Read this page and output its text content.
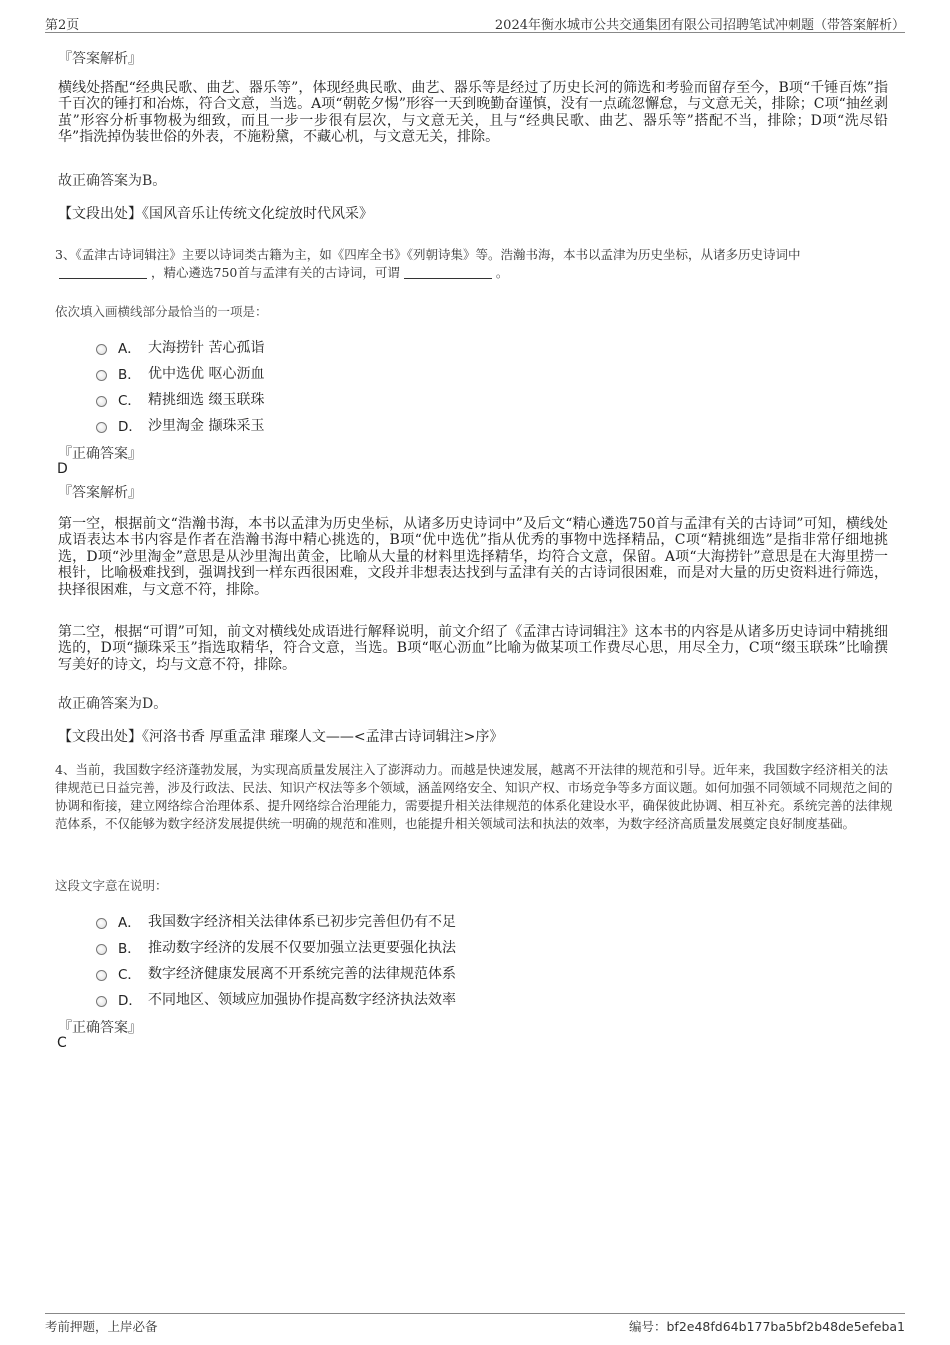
第2页	2024年衡水城市公共交通集团有限公司招聘笔试冲刺题（带答案解析）
『答案解析』

横线处搭配“经典民歌、曲艺、器乐等”，体现经典民歌、曲艺、器乐等是经过了历史长河的筛选和考验而留存至今，B项“千锤百炼”指千百次的锤打和冶炼，符合文意，当选。A项“朝乾夕惕”形容一天到晚勤奋谨慎，没有一点疏忽懈怠，与文意无关，排除；C项“抽丝剥茧”形容分析事物极为细致，而且一步一步很有层次，与文意无关，且与“经典民歌、曲艺、器乐等”搭配不当，排除；D项“洗尽铅华”指洗掉伪装世俗的外表，不施粉黛，不藏心机，与文意无关，排除。

故正确答案为B。
【文段出处】《国风音乐让传统文化绽放时代风采》

3、《孟津古诗词辑注》主要以诗词类古籍为主，如《四库全书》《列朝诗集》等。浩瀚书海，本书以孟津为历史坐标，从诸多历史诗词中，精心遴选750首与孟津有关的古诗词，可谓	。

依次填入画横线部分最恰当的一项是：
A． 大海捞针 苦心孤诣
B． 优中选优 呕心沥血
C． 精挑细选 缀玉联珠
D． 沙里淘金 撷珠采玉
『正确答案』
D
『答案解析』

第一空，根据前文“浩瀚书海，本书以孟津为历史坐标，从诸多历史诗词中”及后文“精心遴选750首与孟津有关的古诗词”可知，横线处成语表达本书内容是作者在浩瀚书海中精心挑选的，B项“优中选优”指从优秀的事物中选择精品，C项“精挑细选”是指非常仔细地挑选，D项“沙里淘金”意思是从沙里淘出黄金，比喻从大量的材料里选择精华，均符合文意，保留。A项“大海捞针”意思是在大海里捞一根针，比喻极难找到，强调找到一样东西很困难，文段并非想表达找到与孟津有关的古诗词很困难，而是对大量的历史资料进行筛选，抉择很困难，与文意不符，排除。

第二空，根据“可谓”可知，前文对横线处成语进行解释说明，前文介绍了《孟津古诗词辑注》这本书的内容是从诸多历史诗词中精挑细选的，D项“撷珠采玉”指选取精华，符合文意，当选。B项“呕心沥血”比喻为做某项工作费尽心思，用尽全力，C项“缀玉联珠”比喻撰写美好的诗文，均与文意不符，排除。

故正确答案为D。
【文段出处】《河洛书香 厚重孟津 璀璨人文——<孟津古诗词辑注>序》

4、当前，我国数字经济蓬勃发展，为实现高质量发展注入了澎湃动力。而越是快速发展，越离不开法律的规范和引导。近年来，我国数字经济相关的法律规范已日益完善，涉及行政法、民法、知识产权法等多个领域，涵盖网络安全、知识产权、市场竞争等多方面议题。如何加强不同领域不同规范之间的协调和衔接，建立网络综合治理体系、提升网络综合治理能力，需要提升相关法律规范的体系化建设水平，确保彼此协调、相互补充。系统完善的法律规范体系，不仅能够为数字经济发展提供统一明确的规范和准则，也能提升相关领域司法和执法的效率，为数字经济高质量发展奠定良好制度基础。

这段文字意在说明：
A． 我国数字经济相关法律体系已初步完善但仍有不足
B． 推动数字经济的发展不仅要加强立法更要强化执法
C． 数字经济健康发展离不开系统完善的法律规范体系
D． 不同地区、领域应加强协作提高数字经济执法效率
『正确答案』
C
考前押题，上岸必备	编号：bf2e48fd64b177ba5bf2b48de5efeba1
